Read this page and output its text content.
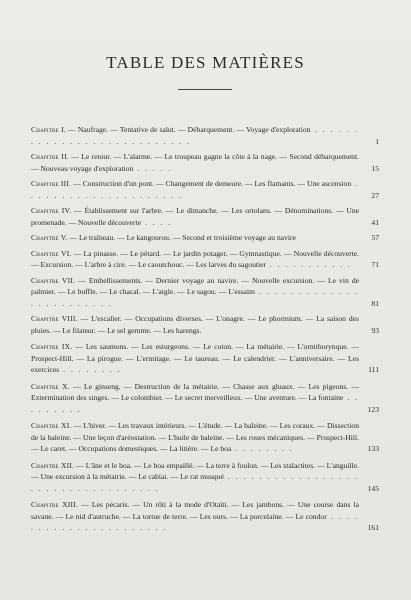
TABLE DES MATIÈRES
Chapitre I. — Naufrage. — Tentative de salut. — Débarquement. — Voyage d'exploration . . . . . . . . . . . . . . . . . . . . . . . . . . .	1
Chapitre II. — Le retour. — L'alarme. — Le troupeau gagne la côte à la nage. — Second débarquement. — Nouveau voyage d'exploration . . . . .	15
Chapitre III. — Construction d'un pont. — Changement de demeure. — Les flamants. — Une ascension . . . . . . . . . . . . . . . . . . . . .	27
Chapitre IV. — Établissement sur l'arbre. — Le dimanche. — Les ortolans. — Dénominations. — Une promenade. — Nouvelle découverte . . . .	41
Chapitre V. — Le traîneau. — Le kangourou. — Second et troisième voyage au navire	57
Chapitre VI. — La pinasse. — Le pétard. — Le jardin potager. — Gymnastique. — Nouvelle découverte. — Excursion. — L'arbre à cire. — Le caoutchouc. — Les larves du sagoutier . . . . . . . . . . .	71
Chapitre VII. — Embellissements. — Dernier voyage au navire. — Nouvelle excursion. — Le vin de palmier. — Le buffle. — Le chacal. — L'aigle. — Le sagou. — L'essaim . . . . . . . . . . . . . . . . . . . . . . . .	81
Chapitre VIII. — L'escalier. — Occupations diverses. — L'onagre. — Le phormium. — La saison des pluies. — Le filateur. — Le sel gemme. — Les harengs.	93
Chapitre IX. — Les saumons. — Les esturgeons. — Le coton. — La métairie. — L'ornithorynque. — Prospect-Hill. — La pirogue. — L'ermitage. — Le taureau. — Le calendrier. — L'anniversaire. — Les exercices . . . . . . . .	111
Chapitre X. — Le ginseng. — Destruction de la métairie. — Chasse aux gluaux. — Les pigeons. — Extermination des singes. — Le colombier. — Le secret merveilleux. — Une aventure. — La fontaine . . . . . . . . .	123
Chapitre XI. — L'hiver. — Les travaux intérieurs. — L'étude. — La baleine. — Les coraux. — Dissection de la baleine. — Une leçon d'aréostation. — L'huile de baleine. — Les roues mécaniques. — Prospect-Hill. — Le caret. — Occupations domestiques. — La litière. — Le boa . . . . . . . .	133
Chapitre XII. — L'âne et le boa. — Le boa empaillé. — La terre à foulon. — Les stalactites. — L'anguille. — Une excursion à la métairie. — Le cabiai. — Le rat musqué . . . . . . . . . . . . . . . . . . . . . . . . . . . . . . . . . .	145
Chapitre XIII. — Les pécaris. — Un rôti à la mode d'Otaïti. — Les jambons. — Une course dans la savane. — Le nid d'autruche. — La tortue de terre. — Les ours. — La porcelaine. — Le condor . . . . . . . . . . . . . . . . . . . . . .	161
